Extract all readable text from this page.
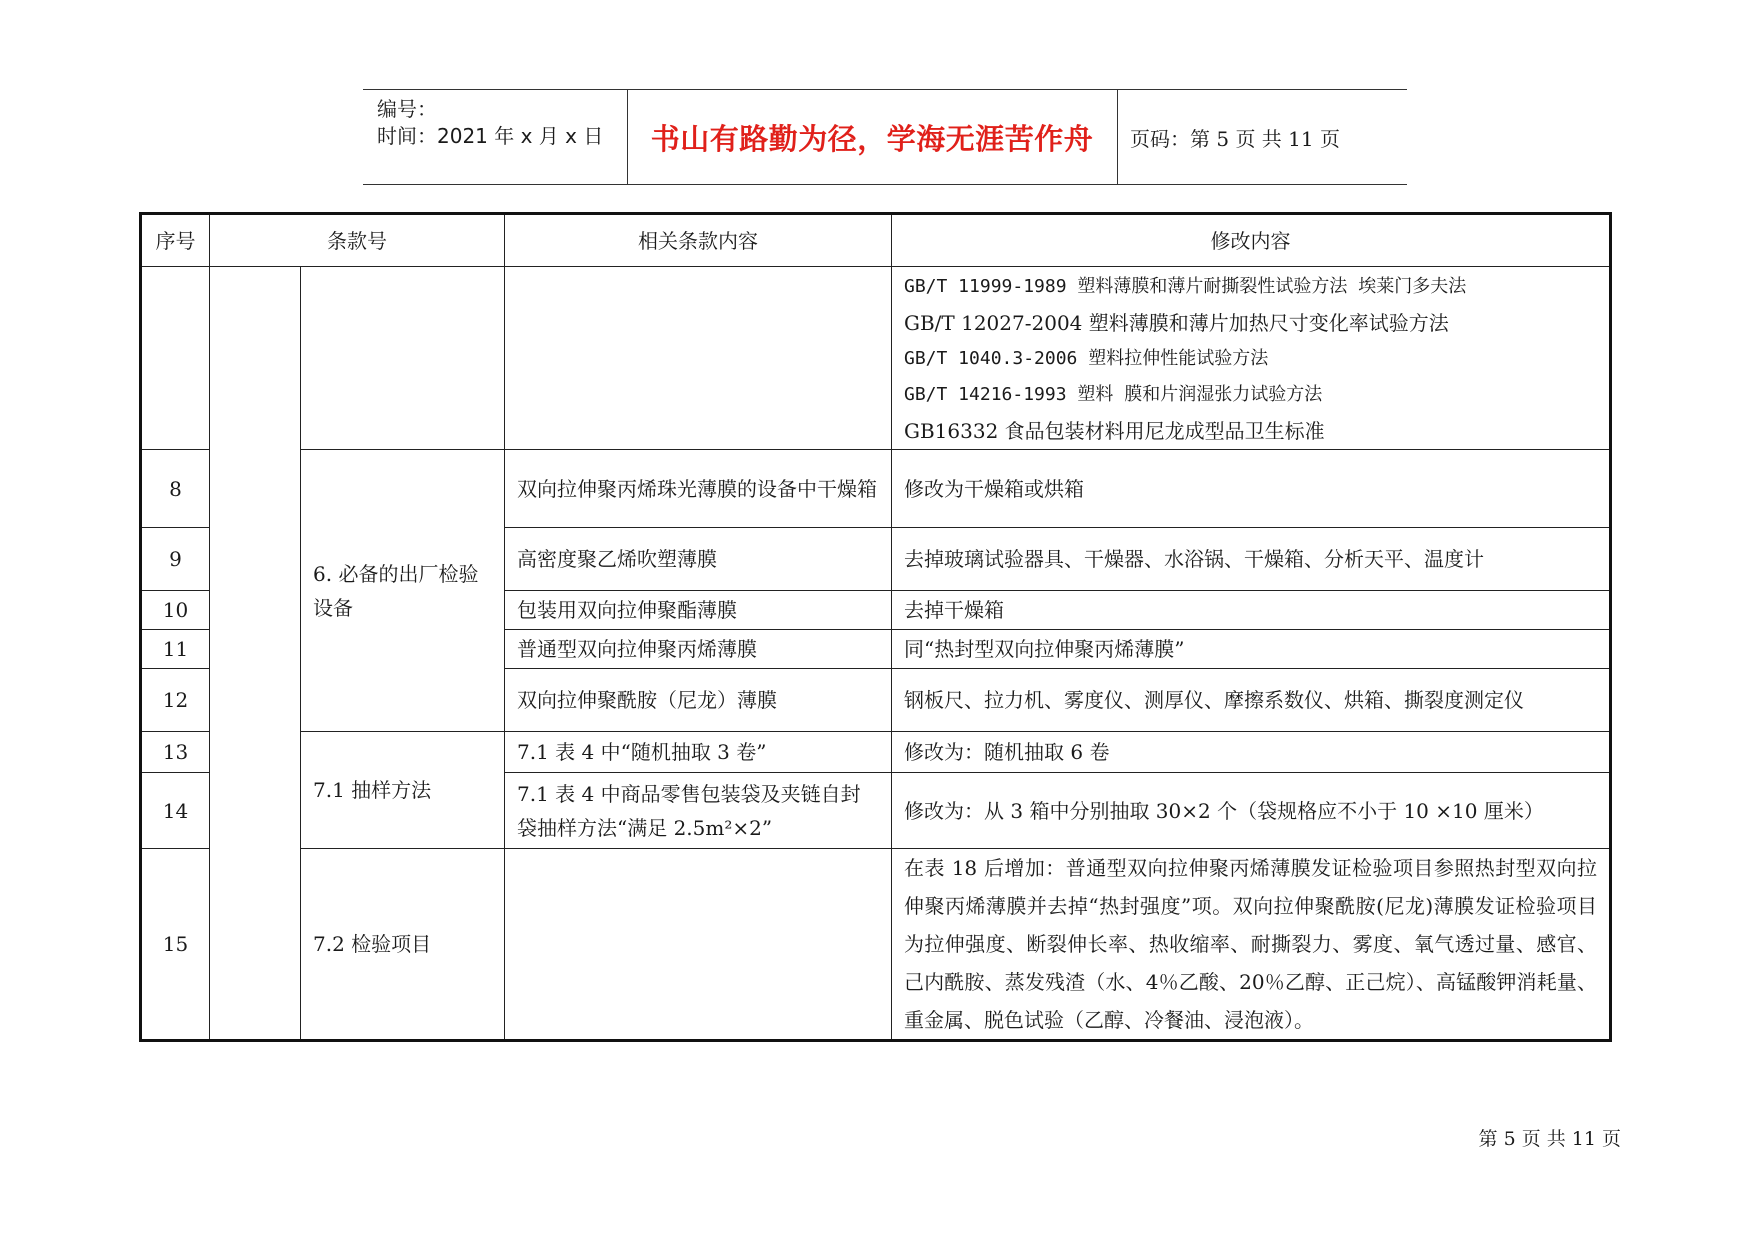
编号：
时间：2021 年 x 月 x 日 书山有路勤为径，学海无涯苦作舟	页码：第 5 页 共 11 页
序号	条款号		相关条款内容	修改内容

				GB/T 11999-1989 塑料薄膜和薄片耐撕裂性试验方法 埃莱门多夫法
GB/T 12027-2004 塑料薄膜和薄片加热尺寸变化率试验方法
GB/T 1040.3-2006 塑料拉伸性能试验方法
GB/T 14216-1993 塑料 膜和片润湿张力试验方法
GB16332 食品包装材料用尼龙成型品卫生标准

8		6. 必备的出厂检验设备	双向拉伸聚丙烯珠光薄膜的设备中干燥箱	修改为干燥箱或烘箱
9			高密度聚乙烯吹塑薄膜	去掉玻璃试验器具、干燥器、水浴锅、干燥箱、分析天平、温度计
10			包装用双向拉伸聚酯薄膜	去掉干燥箱
11			普通型双向拉伸聚丙烯薄膜	同“热封型双向拉伸聚丙烯薄膜”
12			双向拉伸聚酰胺（尼龙）薄膜	钢板尺、拉力机、雾度仪、测厚仪、摩擦系数仪、烘箱、撕裂度测定仪
13		7.1 抽样方法	7.1 表 4 中“随机抽取 3 卷”	修改为：随机抽取 6 卷
14			7.1 表 4 中商品零售包装袋及夹链自封袋抽样方法“满足 2.5m²×2”	修改为：从 3 箱中分别抽取 30×2 个（袋规格应不小于 10 ×10 厘米）
15		7.2 检验项目		在表 18 后增加：普通型双向拉伸聚丙烯薄膜发证检验项目参照热封型双向拉伸聚丙烯薄膜并去掉“热封强度”项。双向拉伸聚酰胺(尼龙)薄膜发证检验项目为拉伸强度、断裂伸长率、热收缩率、耐撕裂力、雾度、氧气透过量、感官、己内酰胺、蒸发残渣（水、4％乙酸、20％乙醇、正己烷）、高锰酸钾消耗量、重金属、脱色试验（乙醇、冷餐油、浸泡液）。
第 5 页 共 11 页
